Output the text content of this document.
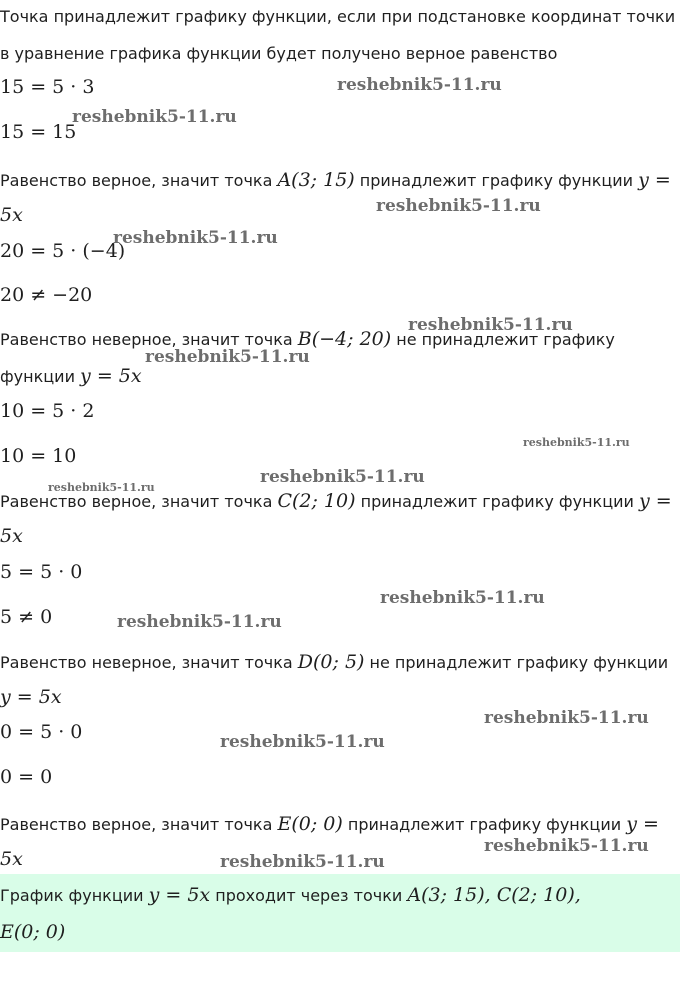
Точка принадлежит графику функции, если при подстановке координат точки
в уравнение графика функции будет получено верное равенство
15 = 5 · 3
15 = 15
Равенство верное, значит точка A(3; 15) принадлежит графику функции y =
5x
20 = 5 · (−4)
20 ≠ −20
Равенство неверное, значит точка B(−4; 20) не принадлежит графику
функции y = 5x
10 = 5 · 2
10 = 10
Равенство верное, значит точка C(2; 10) принадлежит графику функции y =
5x
5 = 5 · 0
5 ≠ 0
Равенство неверное, значит точка D(0; 5) не принадлежит графику функции
y = 5x
0 = 5 · 0
0 = 0
Равенство верное, значит точка E(0; 0) принадлежит графику функции y =
5x
График функции y = 5x проходит через точки A(3; 15), C(2; 10),
E(0; 0)
reshebnik5-11.ru
reshebnik5-11.ru
reshebnik5-11.ru
reshebnik5-11.ru
reshebnik5-11.ru
reshebnik5-11.ru
reshebnik5-11.ru
reshebnik5-11.ru
reshebnik5-11.ru
reshebnik5-11.ru
reshebnik5-11.ru
reshebnik5-11.ru
reshebnik5-11.ru
reshebnik5-11.ru
reshebnik5-11.ru
